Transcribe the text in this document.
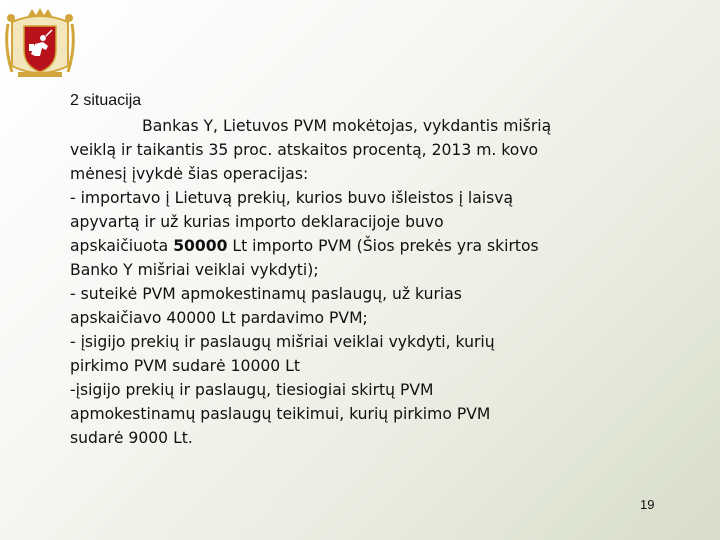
2 situacija
Bankas Y, Lietuvos PVM mokėtojas, vykdantis mišrią
veiklą ir taikantis 35 proc. atskaitos procentą, 2013 m. kovo
mėnesį įvykdė šias operacijas:
- importavo į Lietuvą prekių, kurios buvo išleistos į laisvą
apyvartą ir už kurias importo deklaracijoje buvo
apskaičiuota 50000 Lt importo PVM (Šios prekės yra skirtos
Banko Y mišriai veiklai vykdyti);
- suteikė PVM apmokestinamų paslaugų, už kurias
apskaičiavo 40000 Lt pardavimo PVM;
- įsigijo prekių ir paslaugų mišriai veiklai vykdyti, kurių
pirkimo PVM sudarė 10000 Lt
-įsigijo prekių ir paslaugų, tiesiogiai skirtų PVM
apmokestinamų paslaugų teikimui, kurių pirkimo PVM
sudarė 9000 Lt.
19
